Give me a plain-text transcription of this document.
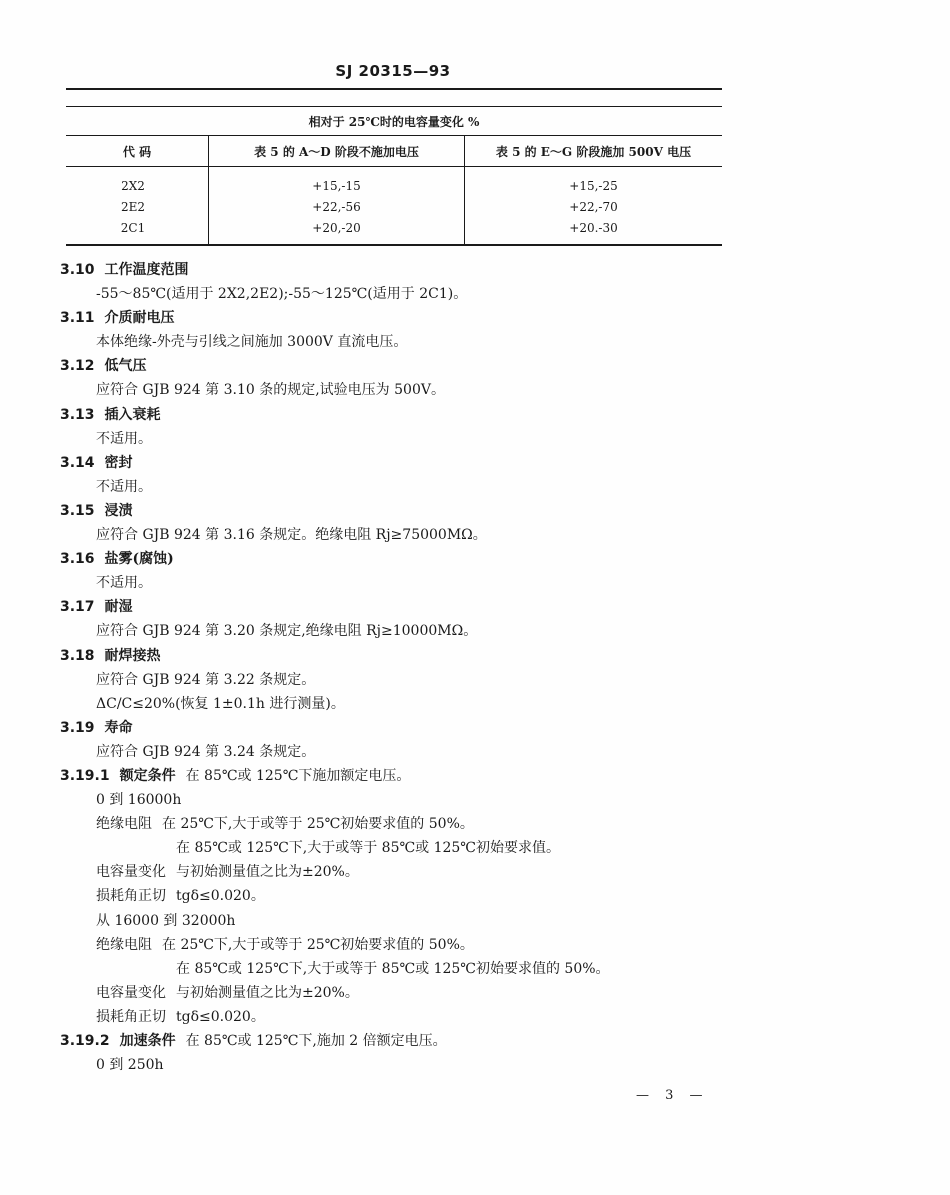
SJ 20315—93
相对于 25℃时的电容量变化 %		
代 码	表 5 的 A～D 阶段不施加电压	表 5 的 E～G 阶段施加 500V 电压
2X2	+15,-15	+15,-25
2E2	+22,-56	+22,-70
2C1	+20,-20	+20.-30
3.10 工作温度范围
-55～85℃(适用于 2X2,2E2);-55～125℃(适用于 2C1)。
3.11 介质耐电压
本体绝缘-外壳与引线之间施加 3000V 直流电压。
3.12 低气压
应符合 GJB 924 第 3.10 条的规定,试验电压为 500V。
3.13 插入衰耗
不适用。
3.14 密封
不适用。
3.15 浸渍
应符合 GJB 924 第 3.16 条规定。绝缘电阻 Rj≥75000MΩ。
3.16 盐雾(腐蚀)
不适用。
3.17 耐湿
应符合 GJB 924 第 3.20 条规定,绝缘电阻 Rj≥10000MΩ。
3.18 耐焊接热
应符合 GJB 924 第 3.22 条规定。
ΔC/C≤20%(恢复 1±0.1h 进行测量)。
3.19 寿命
应符合 GJB 924 第 3.24 条规定。
3.19.1 额定条件 在 85℃或 125℃下施加额定电压。
0 到 16000h
绝缘电阻 在 25℃下,大于或等于 25℃初始要求值的 50%。
在 85℃或 125℃下,大于或等于 85℃或 125℃初始要求值。
电容量变化 与初始测量值之比为±20%。
损耗角正切 tgδ≤0.020。
从 16000 到 32000h
绝缘电阻 在 25℃下,大于或等于 25℃初始要求值的 50%。
在 85℃或 125℃下,大于或等于 85℃或 125℃初始要求值的 50%。
电容量变化 与初始测量值之比为±20%。
损耗角正切 tgδ≤0.020。
3.19.2 加速条件 在 85℃或 125℃下,施加 2 倍额定电压。
0 到 250h
— 3 —
